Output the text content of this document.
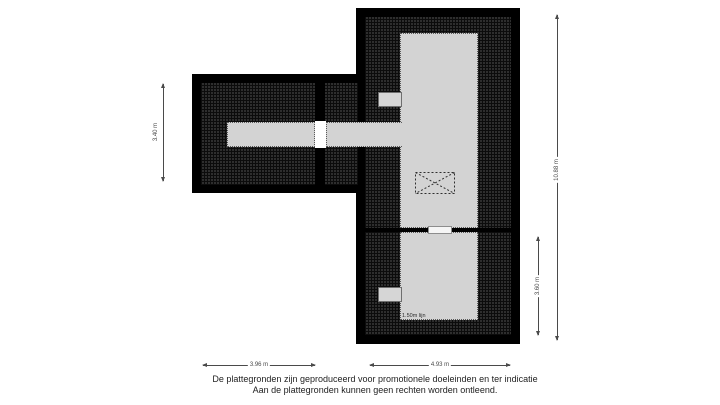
1.50m lijn
3.40 m
10.88 m
3.60 m
3.96 m	4.93 m
De plattegronden zijn geproduceerd voor promotionele doeleinden en ter indicatie
Aan de plattegronden kunnen geen rechten worden ontleend.
